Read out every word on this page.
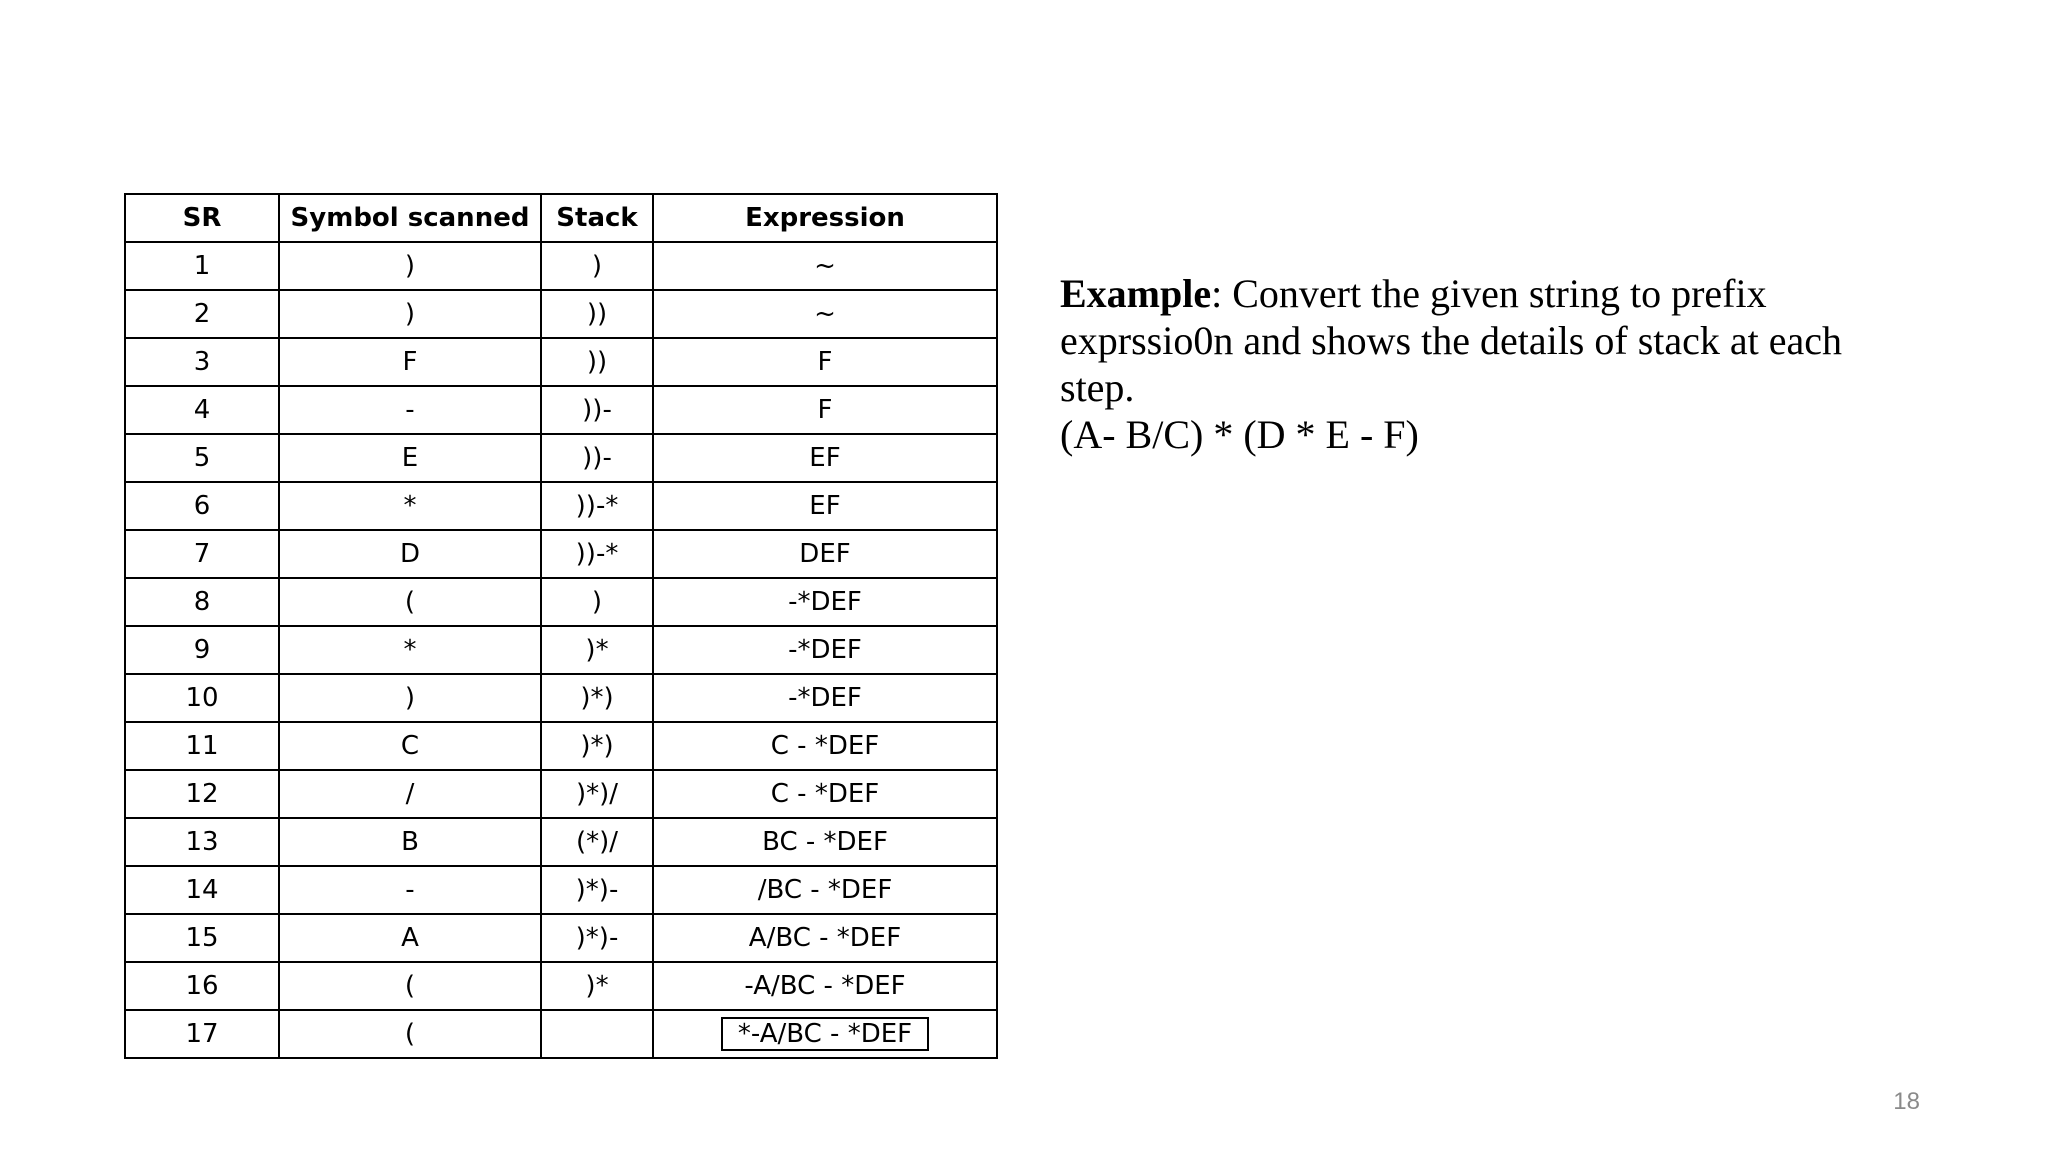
SR	Symbol scanned	Stack	Expression
1	)	)	~
2	)	))	~
3	F	))	F
4	-	))-	F
5	E	))-	EF
6	*	))-*	EF
7	D	))-*	DEF
8	(	)	-*DEF
9	*	)*	-*DEF
10	)	)*)	-*DEF
11	C	)*)	C - *DEF
12	/	)*)/	C - *DEF
13	B	(*)/	BC - *DEF
14	-	)*)-	/BC - *DEF
15	A	)*)-	A/BC - *DEF
16	(	)*	-A/BC - *DEF
17	(		*-A/BC - *DEF
Example: Convert the given string to prefix exprssio0n and shows the details of stack at each step.
(A- B/C) * (D * E - F)
18
